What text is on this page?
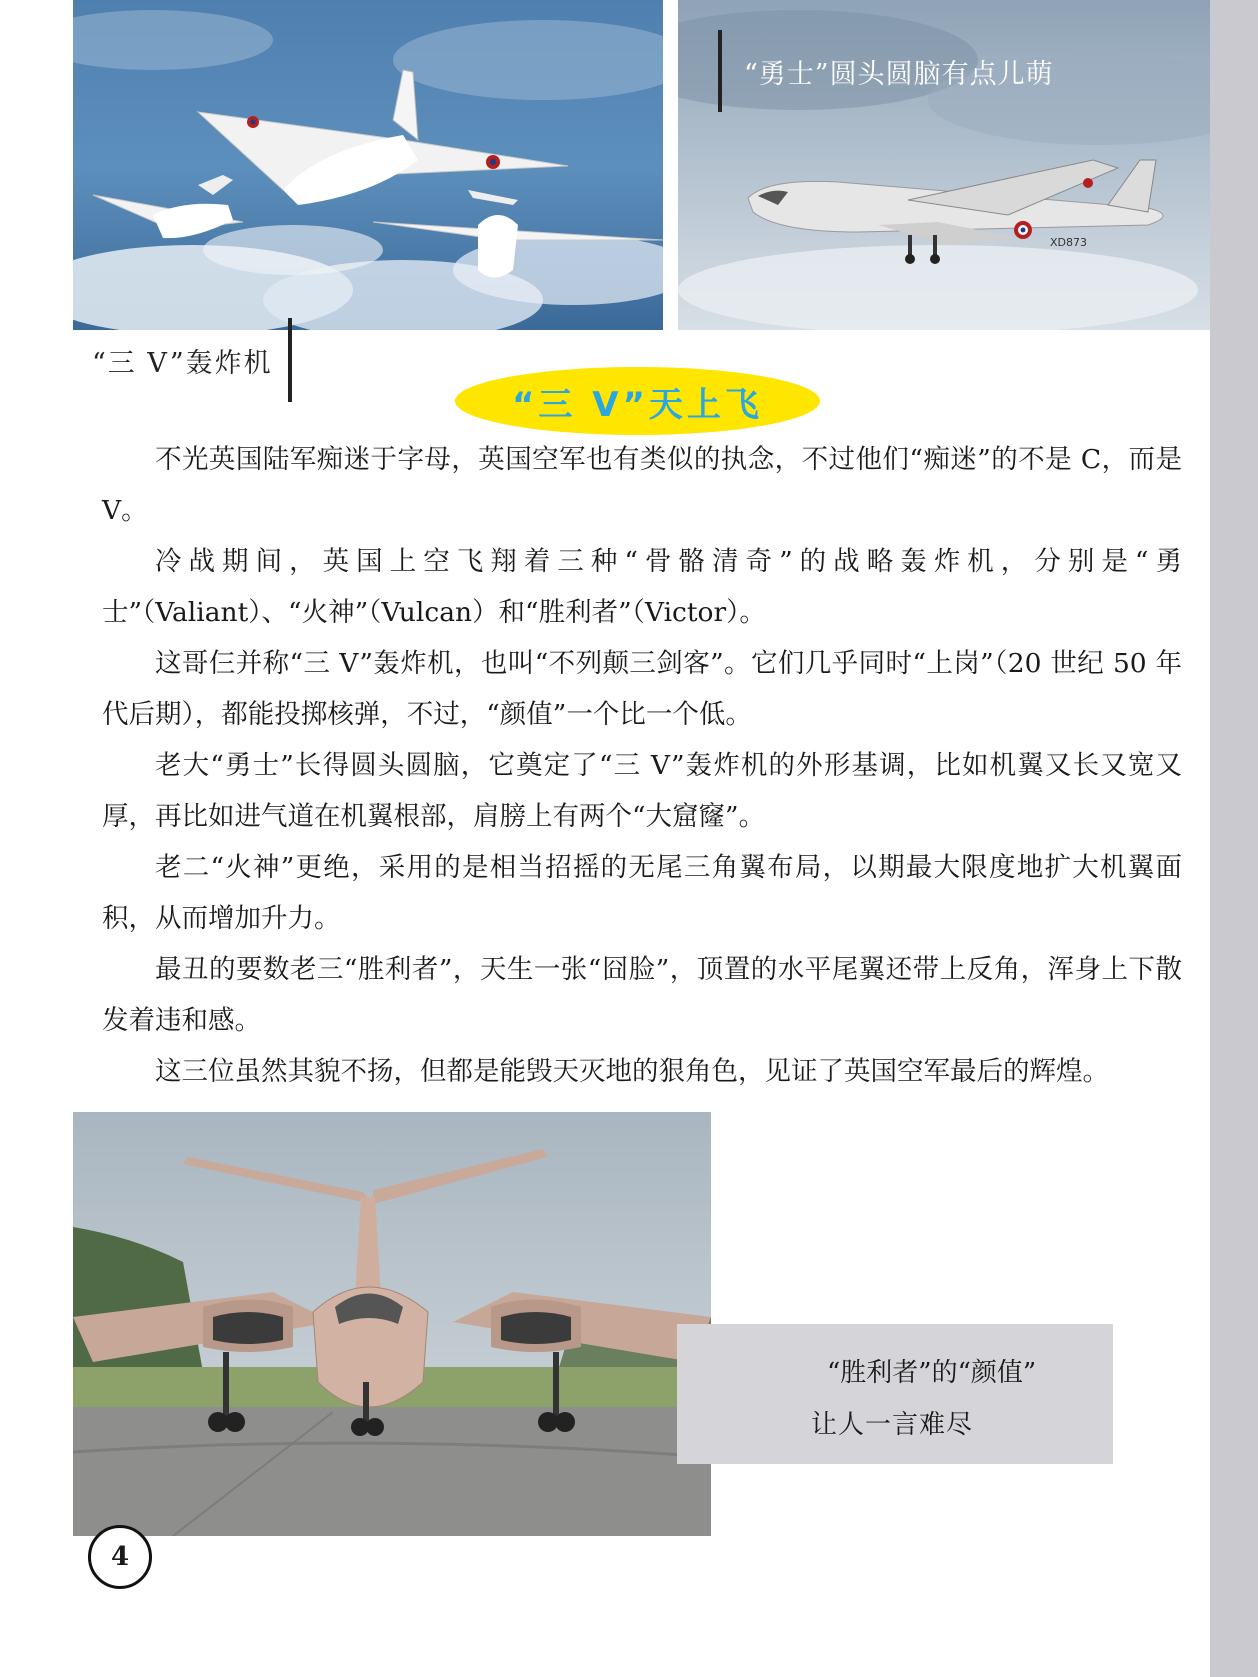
XD873
“勇士”圆头圆脑有点儿萌
“三 V”轰炸机
“三 V”天上飞

不光英国陆军痴迷于字母，英国空军也有类似的执念，不过他们“痴迷”的不是 C，而是 V。

冷战期间，英国上空飞翔着三种“骨骼清奇”的战略轰炸机，分别是“勇士”（Valiant）、“火神”（Vulcan）和“胜利者”（Victor）。

这哥仨并称“三 V”轰炸机，也叫“不列颠三剑客”。它们几乎同时“上岗”（20 世纪 50 年代后期），都能投掷核弹，不过，“颜值”一个比一个低。

老大“勇士”长得圆头圆脑，它奠定了“三 V”轰炸机的外形基调，比如机翼又长又宽又厚，再比如进气道在机翼根部，肩膀上有两个“大窟窿”。

老二“火神”更绝，采用的是相当招摇的无尾三角翼布局，以期最大限度地扩大机翼面积，从而增加升力。

最丑的要数老三“胜利者”，天生一张“囧脸”，顶置的水平尾翼还带上反角，浑身上下散发着违和感。

这三位虽然其貌不扬，但都是能毁天灭地的狠角色，见证了英国空军最后的辉煌。

“胜利者”的“颜值”
让人一言难尽
4
